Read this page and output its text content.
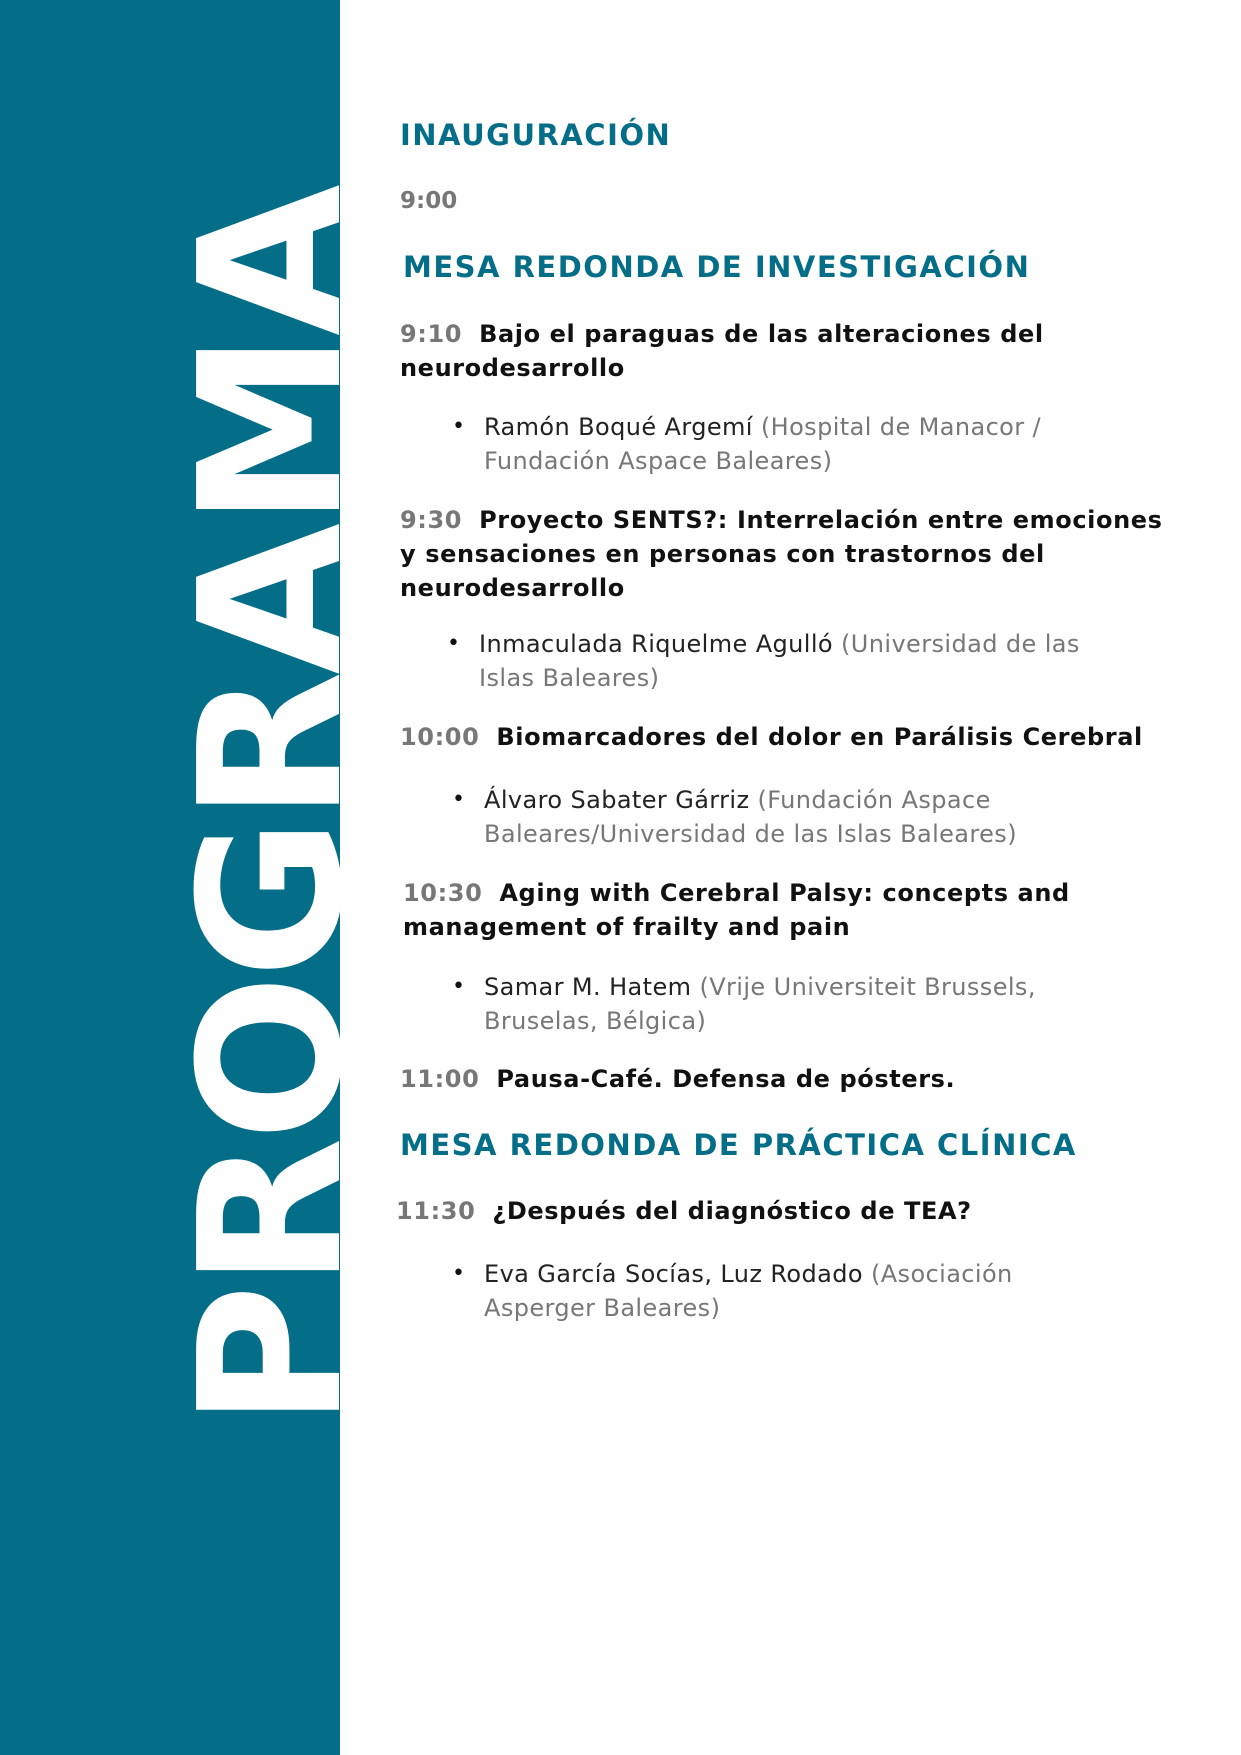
PROGRAMA
INAUGURACIÓN

9:00

MESA REDONDA DE INVESTIGACIÓN

9:10 Bajo el paraguas de las alteraciones del neurodesarrollo

• Ramón Boqué Argemí (Hospital de Manacor / Fundación Aspace Baleares)

9:30 Proyecto SENTS?: Interrelación entre emociones y sensaciones en personas con trastornos del neurodesarrollo

• Inmaculada Riquelme Agulló (Universidad de las Islas Baleares)

10:00 Biomarcadores del dolor en Parálisis Cerebral

• Álvaro Sabater Gárriz (Fundación Aspace Baleares/Universidad de las Islas Baleares)

10:30 Aging with Cerebral Palsy: concepts and management of frailty and pain

• Samar M. Hatem (Vrije Universiteit Brussels, Bruselas, Bélgica)

11:00 Pausa-Café. Defensa de pósters.

MESA REDONDA DE PRÁCTICA CLÍNICA

11:30 ¿Después del diagnóstico de TEA?

• Eva García Socías, Luz Rodado (Asociación Asperger Baleares)
